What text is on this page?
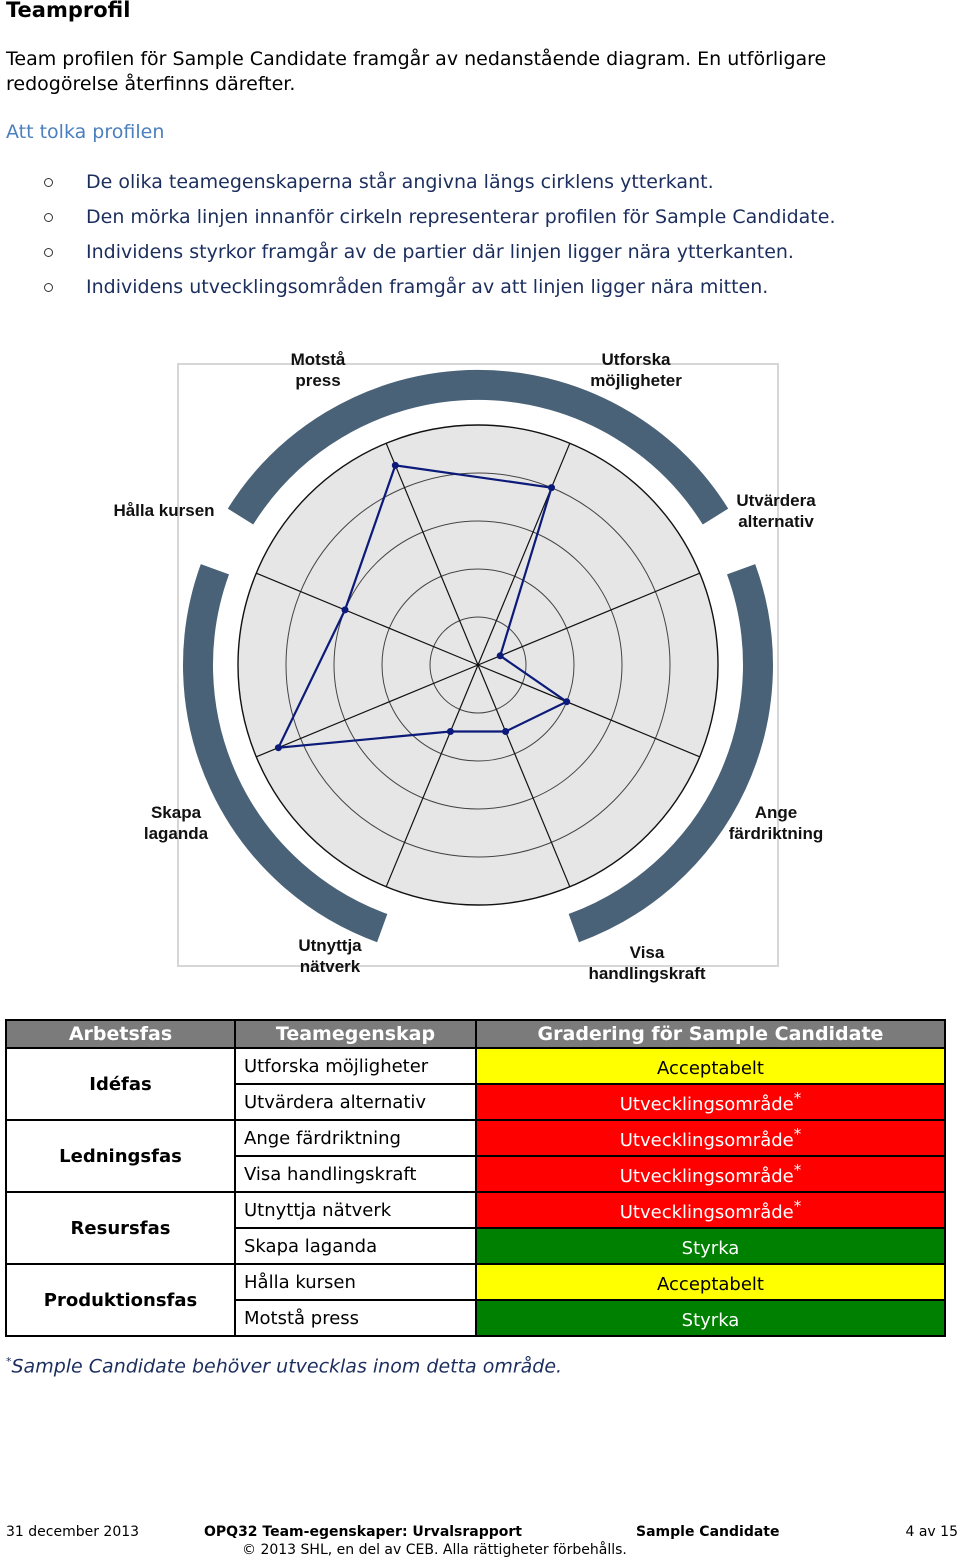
Teamprofil
Team profilen för Sample Candidate framgår av nedanstående diagram. En utförligare redogörelse återfinns därefter.
Att tolka profilen
De olika teamegenskaperna står angivna längs cirklens ytterkant.
Den mörka linjen innanför cirkeln representerar profilen för Sample Candidate.
Individens styrkor framgår av de partier där linjen ligger nära ytterkanten.
Individens utvecklingsområden framgår av att linjen ligger nära mitten.
Motstå
press
Utforska
möjligheter
Utvärdera
alternativ
Ange
färdriktning
Visa
handlingskraft
Utnyttja
nätverk
Skapa
laganda
Hålla kursen
Arbetsfas	Teamegenskap	Gradering för Sample Candidate
Idéfas	Utforska möjligheter	Acceptabelt
	Utvärdera alternativ	Utvecklingsområde*
Ledningsfas	Ange färdriktning	Utvecklingsområde*
	Visa handlingskraft	Utvecklingsområde*
Resursfas	Utnyttja nätverk	Utvecklingsområde*
	Skapa laganda	Styrka
Produktionsfas	Hålla kursen	Acceptabelt
	Motstå press	Styrka
*Sample Candidate behöver utvecklas inom detta område.
31 december 2013	OPQ32 Team-egenskaper: Urvalsrapport	Sample Candidate	4 av 15
© 2013 SHL, en del av CEB. Alla rättigheter förbehålls.
